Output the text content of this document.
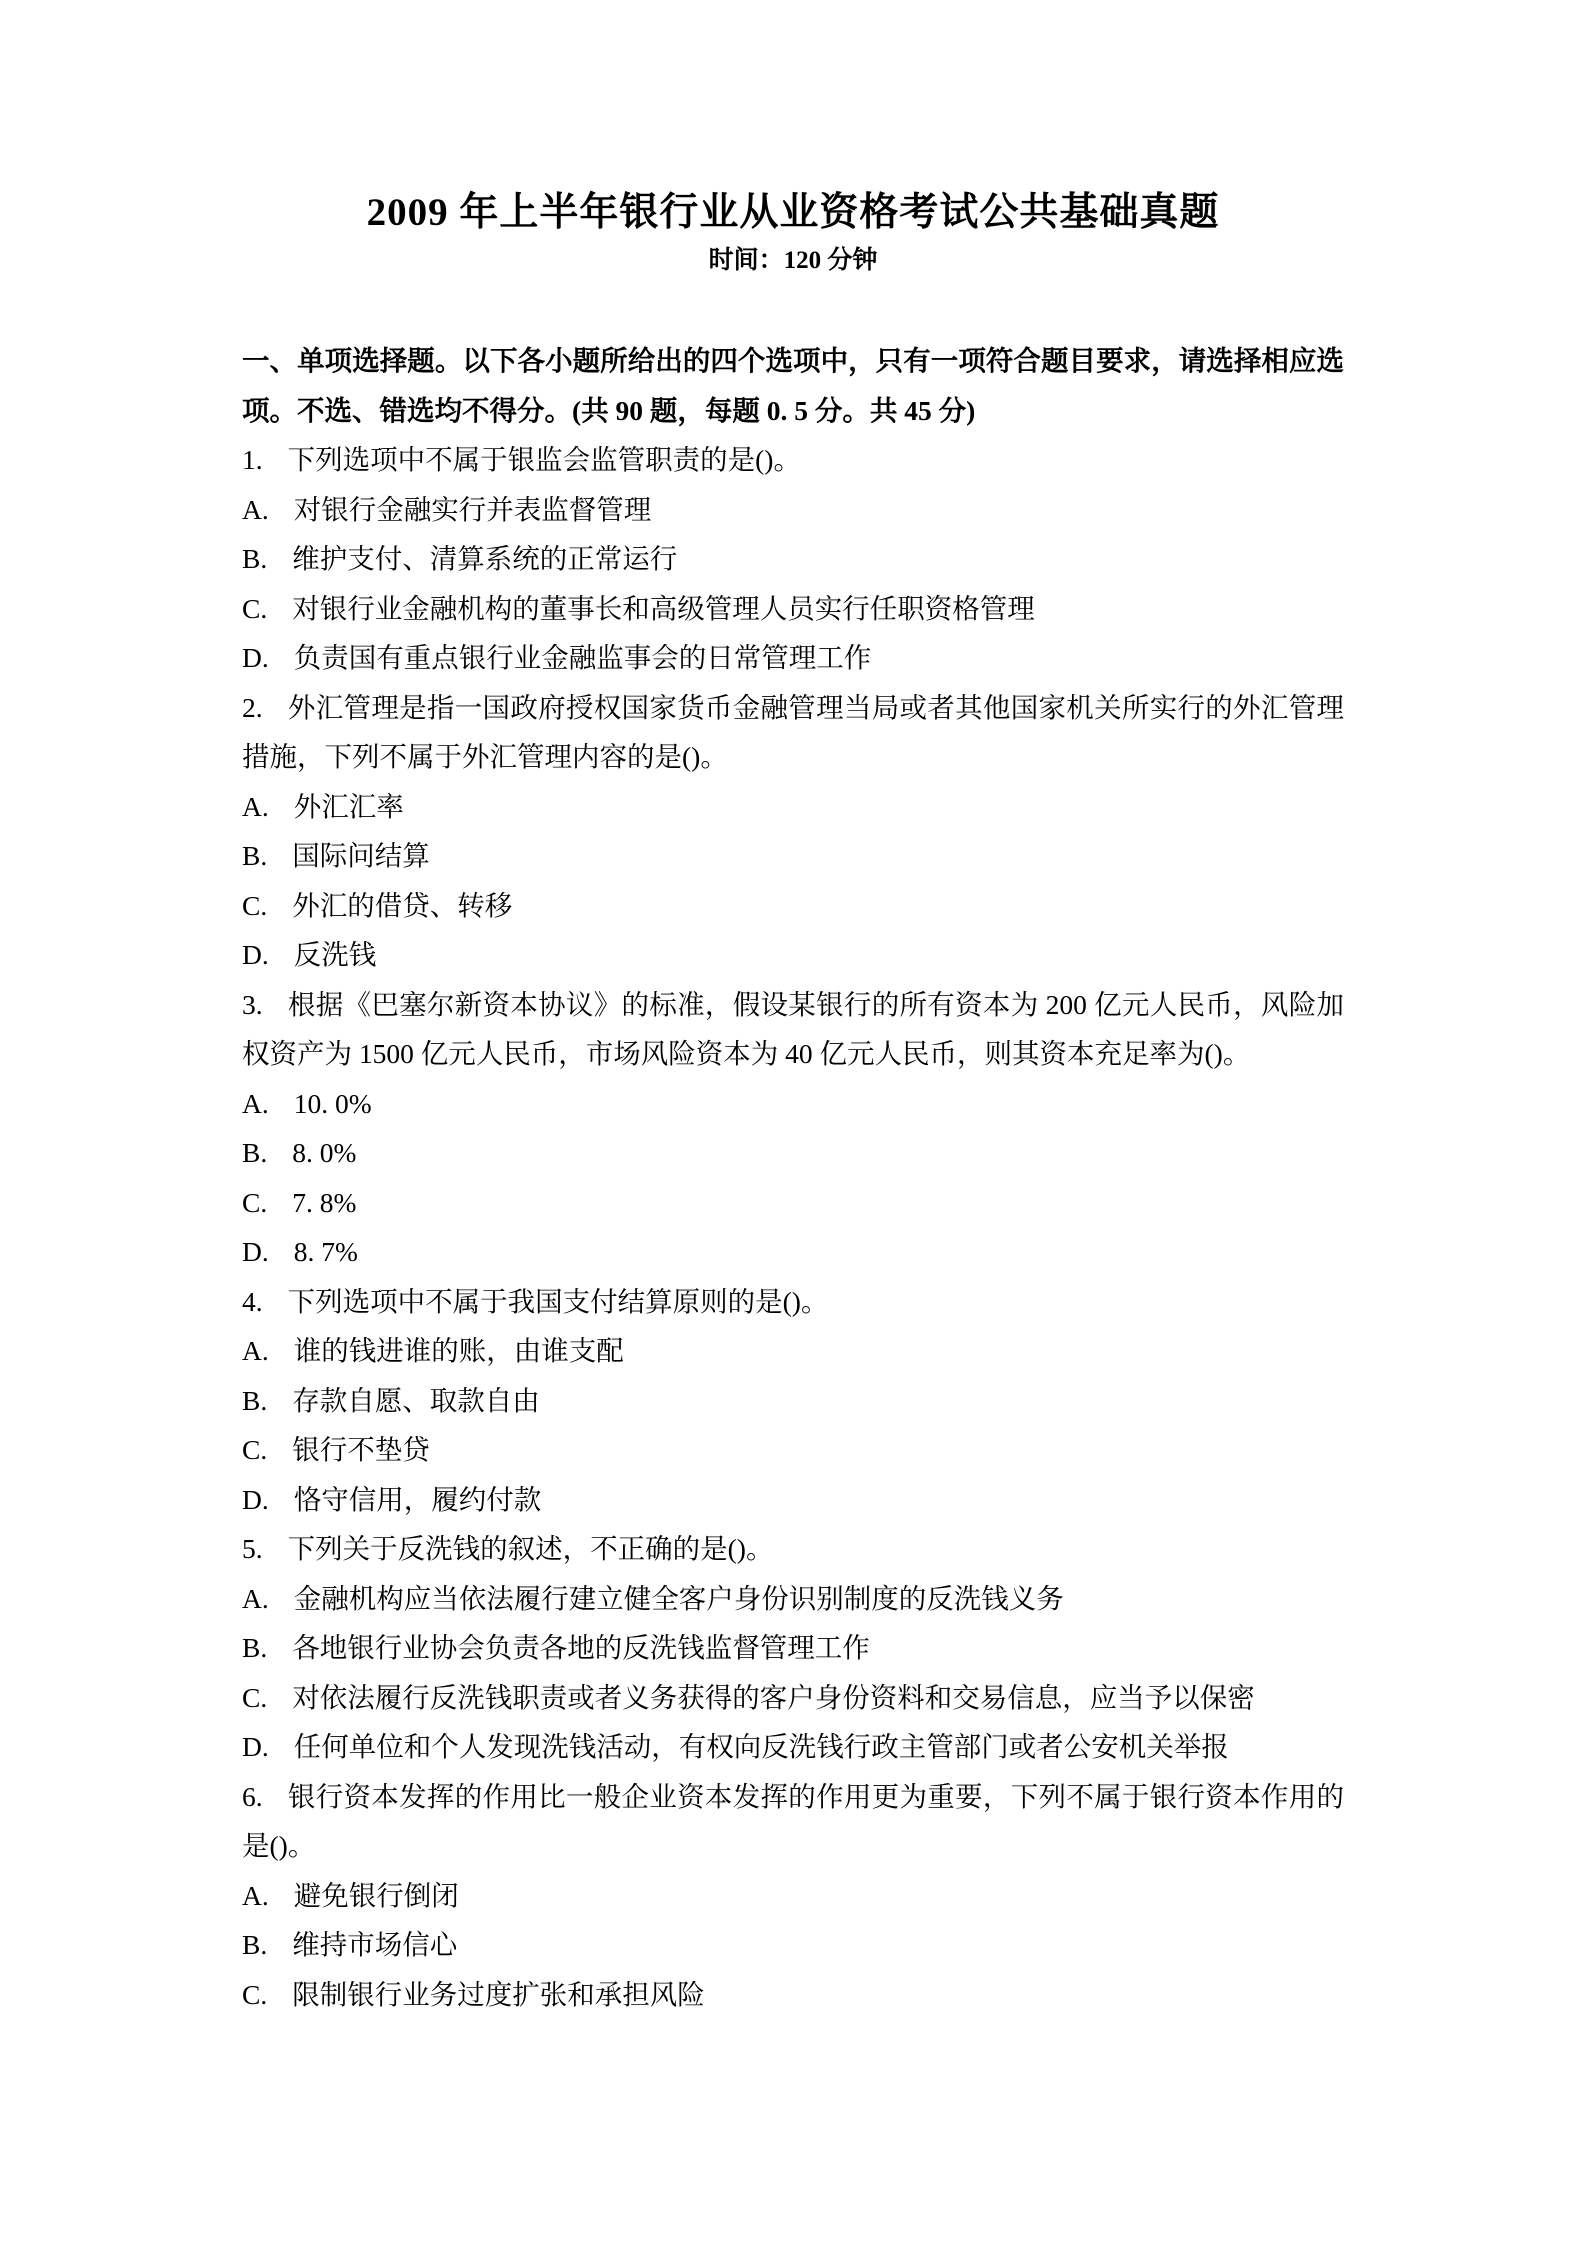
2009 年上半年银行业从业资格考试公共基础真题
时间：120 分钟

一、单项选择题。以下各小题所给出的四个选项中，只有一项符合题目要求，请选择相应选项。不选、错选均不得分。(共 90 题，每题 0. 5 分。共 45 分)

1. 下列选项中不属于银监会监管职责的是()。

A. 对银行金融实行并表监督管理

B. 维护支付、清算系统的正常运行

C. 对银行业金融机构的董事长和高级管理人员实行任职资格管理

D. 负责国有重点银行业金融监事会的日常管理工作

2. 外汇管理是指一国政府授权国家货币金融管理当局或者其他国家机关所实行的外汇管理措施，下列不属于外汇管理内容的是()。

A. 外汇汇率

B. 国际问结算

C. 外汇的借贷、转移

D. 反洗钱

3. 根据《巴塞尔新资本协议》的标准，假设某银行的所有资本为 200 亿元人民币，风险加权资产为 1500 亿元人民币，市场风险资本为 40 亿元人民币，则其资本充足率为()。

A. 10. 0%

B. 8. 0%

C. 7. 8%

D. 8. 7%

4. 下列选项中不属于我国支付结算原则的是()。

A. 谁的钱进谁的账，由谁支配

B. 存款自愿、取款自由

C. 银行不垫贷

D. 恪守信用，履约付款

5. 下列关于反洗钱的叙述，不正确的是()。

A. 金融机构应当依法履行建立健全客户身份识别制度的反洗钱义务

B. 各地银行业协会负责各地的反洗钱监督管理工作

C. 对依法履行反洗钱职责或者义务获得的客户身份资料和交易信息，应当予以保密

D. 任何单位和个人发现洗钱活动，有权向反洗钱行政主管部门或者公安机关举报

6. 银行资本发挥的作用比一般企业资本发挥的作用更为重要，下列不属于银行资本作用的是()。

A. 避免银行倒闭

B. 维持市场信心

C. 限制银行业务过度扩张和承担风险
